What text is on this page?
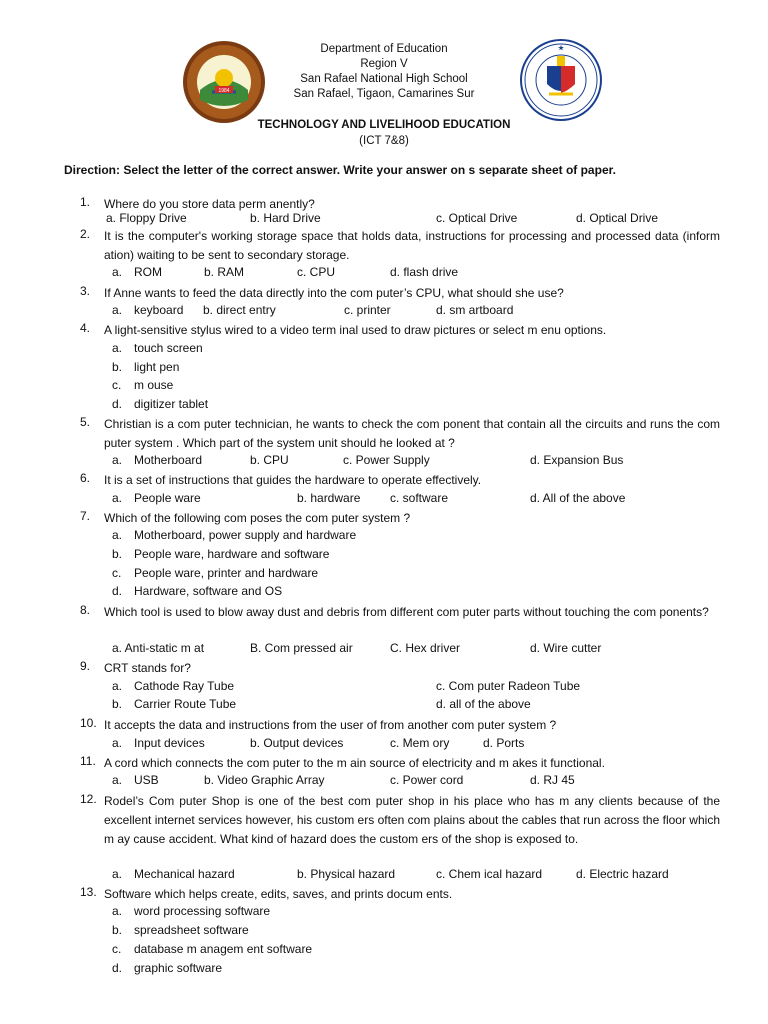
1984
★
Department of Education
Region V
San Rafael National High School
San Rafael, Tigaon, Camarines Sur
TECHNOLOGY AND LIVELIHOOD EDUCATION
(ICT 7&8)
Direction: Select the letter of the correct answer. Write your answer on s separate sheet of paper.
1.	Where do you store data perm anently?
a. Floppy Drive	b. Hard Drive	c. Optical Drive	d. Optical Drive
2.	It is the computer's working storage space that holds data, instructions for processing and processed data (inform ation) waiting to be sent to secondary storage.
a. ROM	b. RAM	c. CPU	d. flash drive
3.	If Anne wants to feed the data directly into the com puter’s CPU, what should she use?
a. keyboard b. direct entry	c. printer	d. sm artboard
4.	A light-sensitive stylus wired to a video term inal used to draw pictures or select m enu options.
a. touch screen
b. light pen
c. m ouse
d. digitizer tablet
5.	Christian is a com puter technician, he wants to check the com ponent that contain all the circuits and runs the com puter system . Which part of the system unit should he looked at ?
a. Motherboard	b. CPU	c. Power Supply	d. Expansion Bus
6.	It is a set of instructions that guides the hardware to operate effectively.
a. People ware	b. hardware c. software	d. All of the above
7.	Which of the following com poses the com puter system ?
a. Motherboard, power supply and hardware
b. People ware, hardware and software
c. People ware, printer and hardware
d. Hardware, software and OS
8.	Which tool is used to blow away dust and debris from different com puter parts without touching the com ponents?
a. Anti-static m at	B. Com pressed air	C. Hex driver	d. Wire cutter
9.	CRT stands for?
a. Cathode Ray Tube	c. Com puter Radeon Tube
b. Carrier Route Tube	d. all of the above
10. It accepts the data and instructions from the user of from another com puter system ?
a. Input devices	b. Output devices	c. Mem ory	d. Ports
11. A cord which connects the com puter to the m ain source of electricity and m akes it functional.
a. USB	b. Video Graphic Array	c. Power cord	d. RJ 45
12. Rodel’s Com puter Shop is one of the best com puter shop in his place who has m any clients because of the excellent internet services however, his custom ers often com plains about the cables that run across the floor which m ay cause accident. What kind of hazard does the custom ers of the shop is exposed to.
a. Mechanical hazard	b. Physical hazard	c. Chem ical hazard	d. Electric hazard
13. Software which helps create, edits, saves, and prints docum ents.
a. word processing software
b. spreadsheet software
c. database m anagem ent software
d. graphic software
